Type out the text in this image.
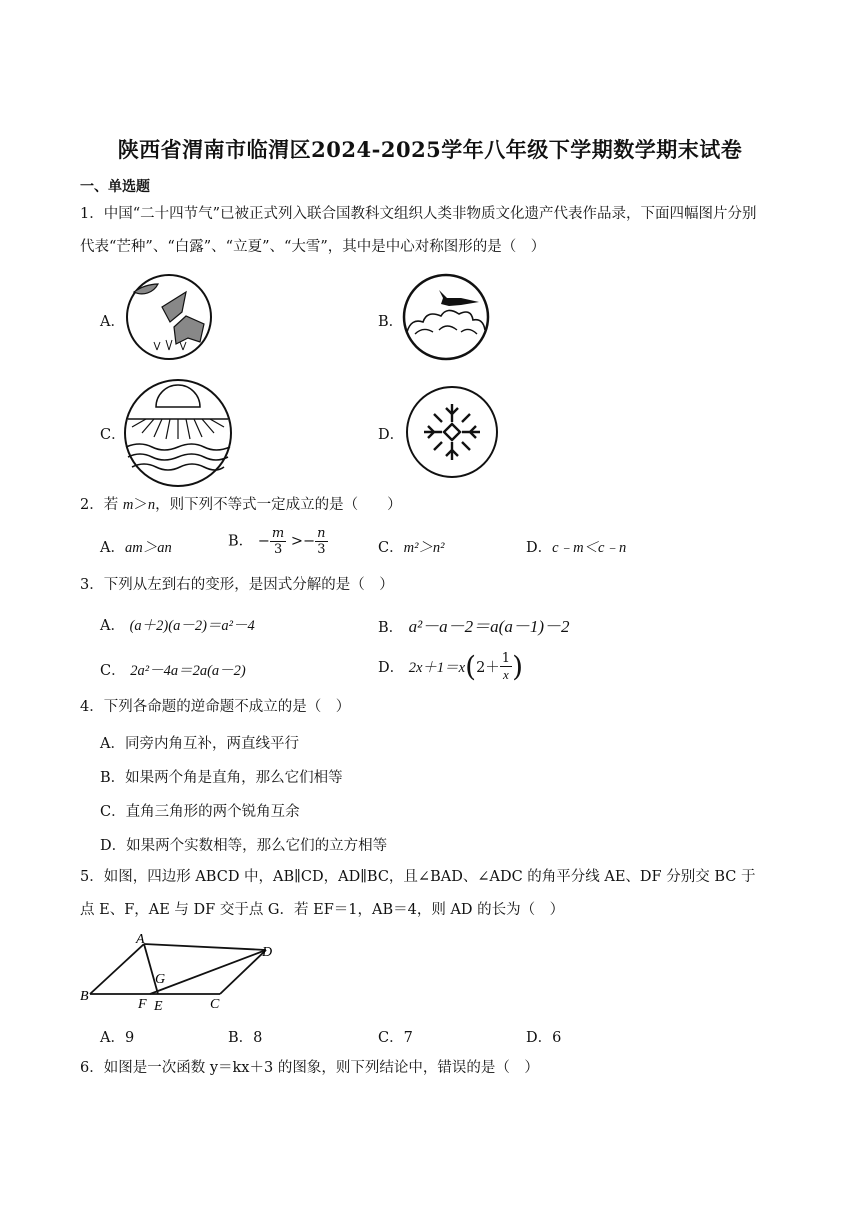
陕西省渭南市临渭区2024-2025学年八年级下学期数学期末试卷
一、单选题
1．中国“二十四节气”已被正式列入联合国教科文组织人类非物质文化遗产代表作品录，下面四幅图片分别
代表“芒种”、“白露”、“立夏”、“大雪”，其中是中心对称图形的是（　）
A．	B．
C．	D．
2．若 m＞n，则下列不等式一定成立的是（　　）
A．am＞an	B． − $\frac{m}{3} >- \frac{n}{3}$	C．m²＞n²	D．c﹣m＜c﹣n
3．下列从左到右的变形，是因式分解的是（　）
A． (a＋2)(a－2)＝a²－4	B． a²－a－2＝a(a－1)－2
C． 2a²－4a＝2a(a－2)	D． $2x+1=x(2+ \frac{1}{x}$ )
4．下列各命题的逆命题不成立的是（　）
A．同旁内角互补，两直线平行
B．如果两个角是直角，那么它们相等
C．直角三角形的两个锐角互余
D．如果两个实数相等，那么它们的立方相等
5．如图，四边形 ABCD 中，AB∥CD，AD∥BC，且∠BAD、∠ADC 的角平分线 AE、DF 分别交 BC 于
点 E、F，AE 与 DF 交于点 G．若 EF＝1，AB＝4，则 AD 的长为（　）
A
D
G
B
F E	C
A．9	B．8	C．7	D．6
6．如图是一次函数 y＝kx＋3 的图象，则下列结论中，错误的是（　）
